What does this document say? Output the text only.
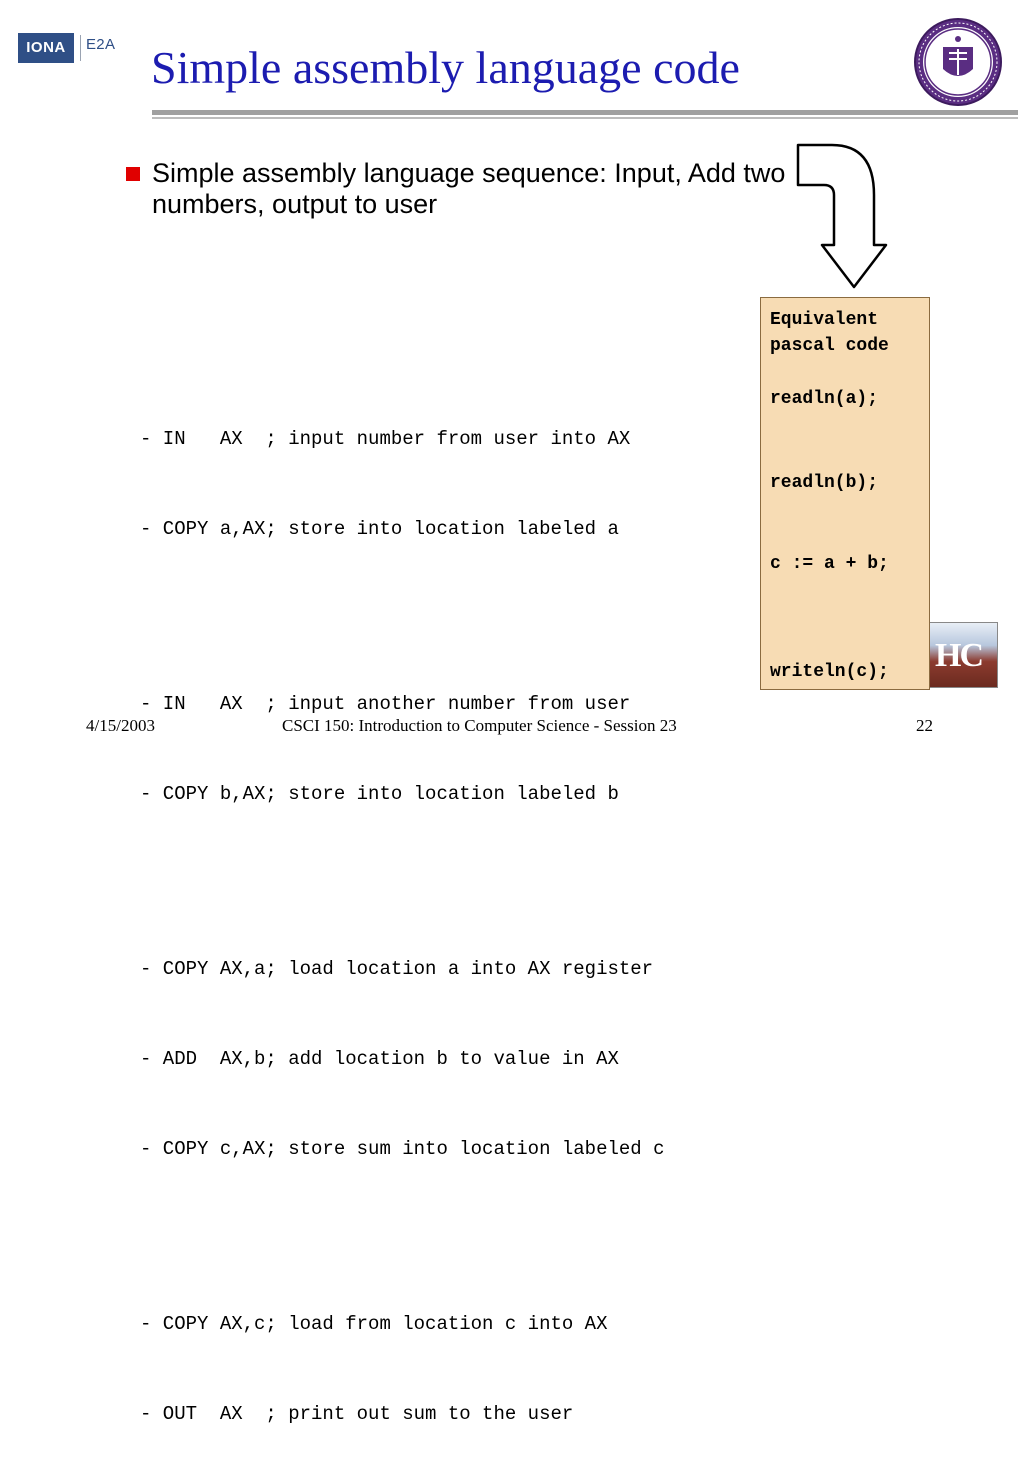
IONA	E2A Simple assembly language code
Simple assembly language sequence: Input, Add two numbers, output to user

- IN   AX  ; input number from user into AX

- COPY a,AX; store into location labeled a

- IN   AX  ; input another number from user

- COPY b,AX; store into location labeled b

- COPY AX,a; load location a into AX register

- ADD  AX,b; add location b to value in AX

- COPY c,AX; store sum into location labeled c

- COPY AX,c; load from location c into AX

- OUT  AX  ; print out sum to the user

HC
Equivalent
pascal code
readln(a);
readln(b);
c := a + b;
writeln(c);
4/15/2003	CSCI 150: Introduction to Computer Science - Session 23	22
